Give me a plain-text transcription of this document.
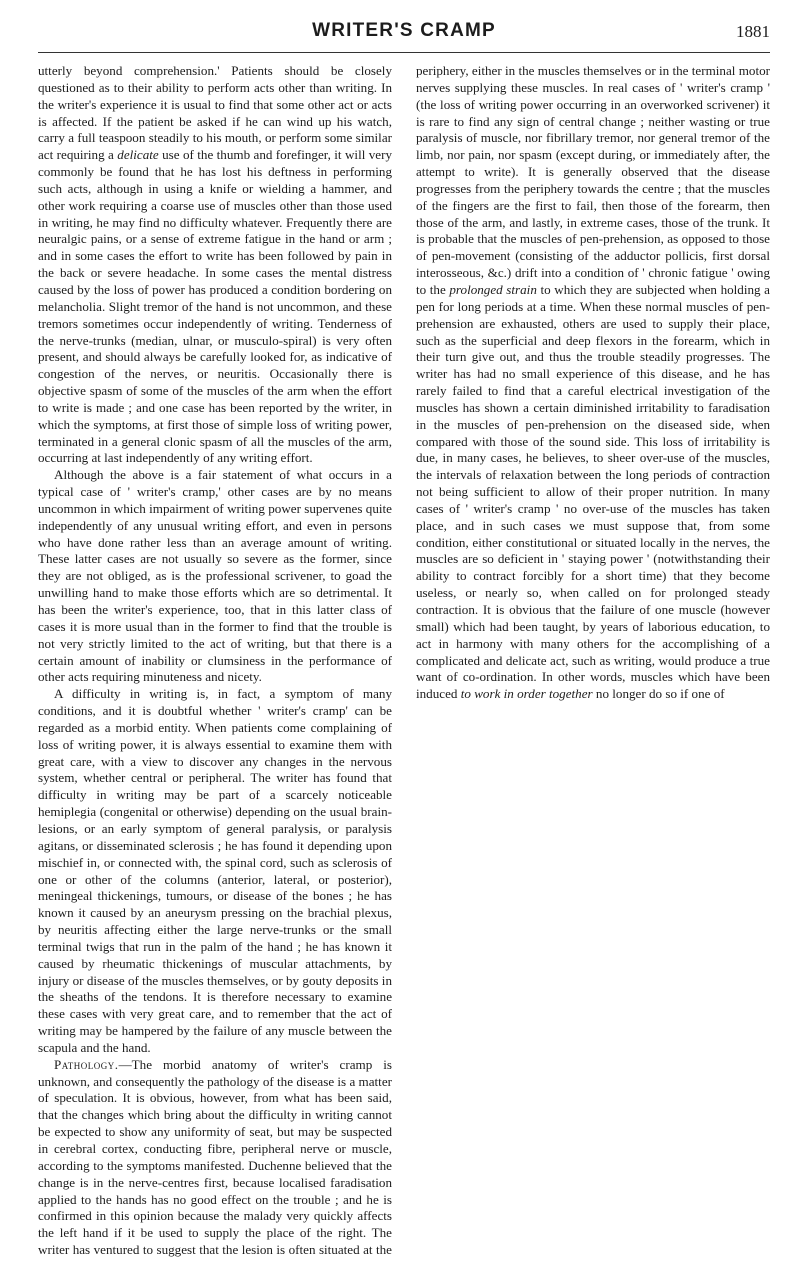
WRITER'S CRAMP	1881

utterly beyond comprehension.' Patients should be closely questioned as to their ability to perform acts other than writing. In the writer's experience it is usual to find that some other act or acts is affected. If the patient be asked if he can wind up his watch, carry a full teaspoon steadily to his mouth, or perform some similar act requiring a delicate use of the thumb and forefinger, it will very commonly be found that he has lost his deftness in performing such acts, although in using a knife or wielding a hammer, and other work requiring a coarse use of muscles other than those used in writing, he may find no difficulty whatever. Frequently there are neuralgic pains, or a sense of extreme fatigue in the hand or arm ; and in some cases the effort to write has been followed by pain in the back or severe headache. In some cases the mental distress caused by the loss of power has produced a condition bordering on melancholia. Slight tremor of the hand is not uncommon, and these tremors sometimes occur independently of writing. Tenderness of the nerve-trunks (median, ulnar, or musculo-spiral) is very often present, and should always be carefully looked for, as indicative of congestion of the nerves, or neuritis. Occasionally there is objective spasm of some of the muscles of the arm when the effort to write is made ; and one case has been reported by the writer, in which the symptoms, at first those of simple loss of writing power, terminated in a general clonic spasm of all the muscles of the arm, occurring at last independently of any writing effort.

Although the above is a fair statement of what occurs in a typical case of ' writer's cramp,' other cases are by no means uncommon in which impairment of writing power supervenes quite independently of any unusual writing effort, and even in persons who have done rather less than an average amount of writing. These latter cases are not usually so severe as the former, since they are not obliged, as is the professional scrivener, to goad the unwilling hand to make those efforts which are so detrimental. It has been the writer's experience, too, that in this latter class of cases it is more usual than in the former to find that the trouble is not very strictly limited to the act of writing, but that there is a certain amount of inability or clumsiness in the performance of other acts requiring minuteness and nicety.

A difficulty in writing is, in fact, a symptom of many conditions, and it is doubtful whether ' writer's cramp' can be regarded as a morbid entity. When patients come complaining of loss of writing power, it is always essential to examine them with great care, with a view to discover any changes in the nervous system, whether central or peripheral. The writer has found that difficulty in writing may be part of a scarcely noticeable hemiplegia (congenital or otherwise) depending on the usual brain-lesions, or an early symptom of general paralysis, or paralysis agitans, or disseminated sclerosis ; he has found it depending upon mischief in, or connected with, the spinal cord, such as sclerosis of one or other of the columns (anterior, lateral, or posterior), meningeal thickenings, tumours, or disease of the bones ; he has known it caused by an aneurysm pressing on the brachial plexus, by neuritis affecting either the large nerve-trunks or the small terminal twigs that run in the palm of the hand ; he has known it caused by rheumatic thickenings of muscular attachments, by injury or disease of the muscles themselves, or by gouty deposits in the sheaths of the tendons. It is therefore necessary to examine these cases with very great care, and to remember that the act of writing may be hampered by the failure of any muscle between the scapula and the hand.

Pathology.—The morbid anatomy of writer's cramp is unknown, and consequently the pathology of the disease is a matter of speculation. It is obvious, however, from what has been said, that the changes which bring about the difficulty in writing cannot be expected to show any uniformity of seat, but may be suspected in cerebral cortex, conducting fibre, peripheral nerve or muscle, according to the symptoms manifested. Duchenne believed that the change is in the nerve-centres first, because localised faradisation applied to the hands has no good effect on the trouble ; and he is confirmed in this opinion because the malady very quickly affects the left hand if it be used to supply the place of the right. The writer has ventured to suggest that the lesion is often situated at the periphery, either in the muscles themselves or in the terminal motor nerves supplying these muscles. In real cases of ' writer's cramp ' (the loss of writing power occurring in an overworked scrivener) it is rare to find any sign of central change ; neither wasting or true paralysis of muscle, nor fibrillary tremor, nor general tremor of the limb, nor pain, nor spasm (except during, or immediately after, the attempt to write). It is generally observed that the disease progresses from the periphery towards the centre ; that the muscles of the fingers are the first to fail, then those of the forearm, then those of the arm, and lastly, in extreme cases, those of the trunk. It is probable that the muscles of pen-prehension, as opposed to those of pen-movement (consisting of the adductor pollicis, first dorsal interosseous, &c.) drift into a condition of ' chronic fatigue ' owing to the prolonged strain to which they are subjected when holding a pen for long periods at a time. When these normal muscles of pen-prehension are exhausted, others are used to supply their place, such as the superficial and deep flexors in the forearm, which in their turn give out, and thus the trouble steadily progresses. The writer has had no small experience of this disease, and he has rarely failed to find that a careful electrical investigation of the muscles has shown a certain diminished irritability to faradisation in the muscles of pen-prehension on the diseased side, when compared with those of the sound side. This loss of irritability is due, in many cases, he believes, to sheer over-use of the muscles, the intervals of relaxation between the long periods of contraction not being sufficient to allow of their proper nutrition. In many cases of ' writer's cramp ' no over-use of the muscles has taken place, and in such cases we must suppose that, from some condition, either constitutional or situated locally in the nerves, the muscles are so deficient in ' staying power ' (notwithstanding their ability to contract forcibly for a short time) that they become useless, or nearly so, when called on for prolonged steady contraction. It is obvious that the failure of one muscle (however small) which had been taught, by years of laborious education, to act in harmony with many others for the accomplishing of a complicated and delicate act, such as writing, would produce a true want of co-ordination. In other words, muscles which have been induced to work in order together no longer do so if one of
